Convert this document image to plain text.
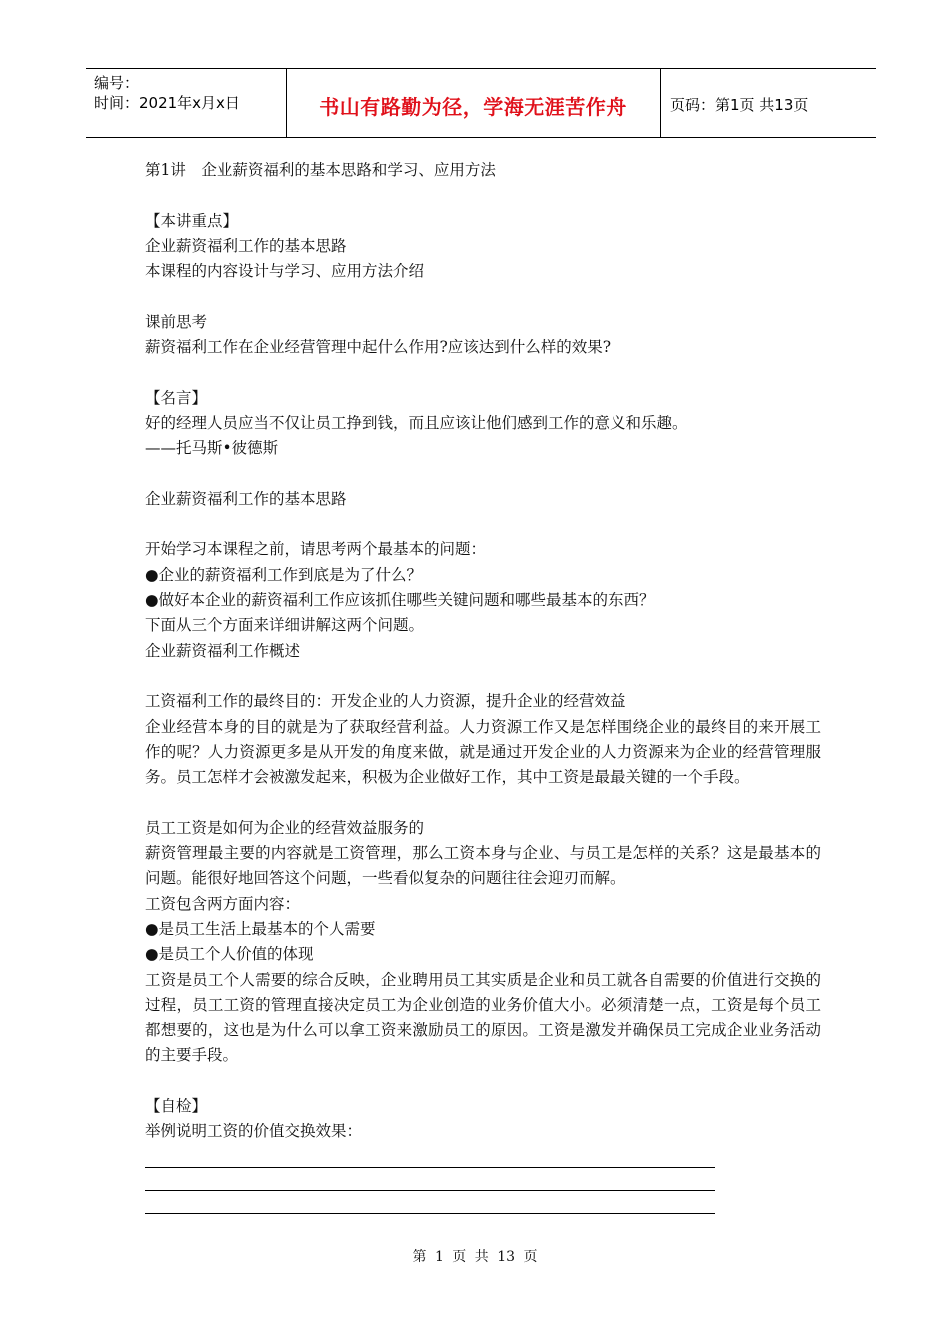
编号：
时间：2021年x月x日	书山有路勤为径，学海无涯苦作舟	页码：第1页 共13页

第1讲　企业薪资福利的基本思路和学习、应用方法

【本讲重点】

企业薪资福利工作的基本思路

本课程的内容设计与学习、应用方法介绍

课前思考

薪资福利工作在企业经营管理中起什么作用?应该达到什么样的效果?

【名言】

好的经理人员应当不仅让员工挣到钱，而且应该让他们感到工作的意义和乐趣。

——托马斯•彼德斯

企业薪资福利工作的基本思路

开始学习本课程之前，请思考两个最基本的问题：

●企业的薪资福利工作到底是为了什么？

●做好本企业的薪资福利工作应该抓住哪些关键问题和哪些最基本的东西？

下面从三个方面来详细讲解这两个问题。

企业薪资福利工作概述

工资福利工作的最终目的：开发企业的人力资源，提升企业的经营效益

企业经营本身的目的就是为了获取经营利益。人力资源工作又是怎样围绕企业的最终目的来开展工作的呢？人力资源更多是从开发的角度来做，就是通过开发企业的人力资源来为企业的经营管理服务。员工怎样才会被激发起来，积极为企业做好工作，其中工资是最最关键的一个手段。

员工工资是如何为企业的经营效益服务的

薪资管理最主要的内容就是工资管理，那么工资本身与企业、与员工是怎样的关系？这是最基本的问题。能很好地回答这个问题，一些看似复杂的问题往往会迎刃而解。

工资包含两方面内容：

●是员工生活上最基本的个人需要

●是员工个人价值的体现

工资是员工个人需要的综合反映，企业聘用员工其实质是企业和员工就各自需要的价值进行交换的过程，员工工资的管理直接决定员工为企业创造的业务价值大小。必须清楚一点，工资是每个员工都想要的，这也是为什么可以拿工资来激励员工的原因。工资是激发并确保员工完成企业业务活动的主要手段。

【自检】

举例说明工资的价值交换效果：

第 1 页 共 13 页
